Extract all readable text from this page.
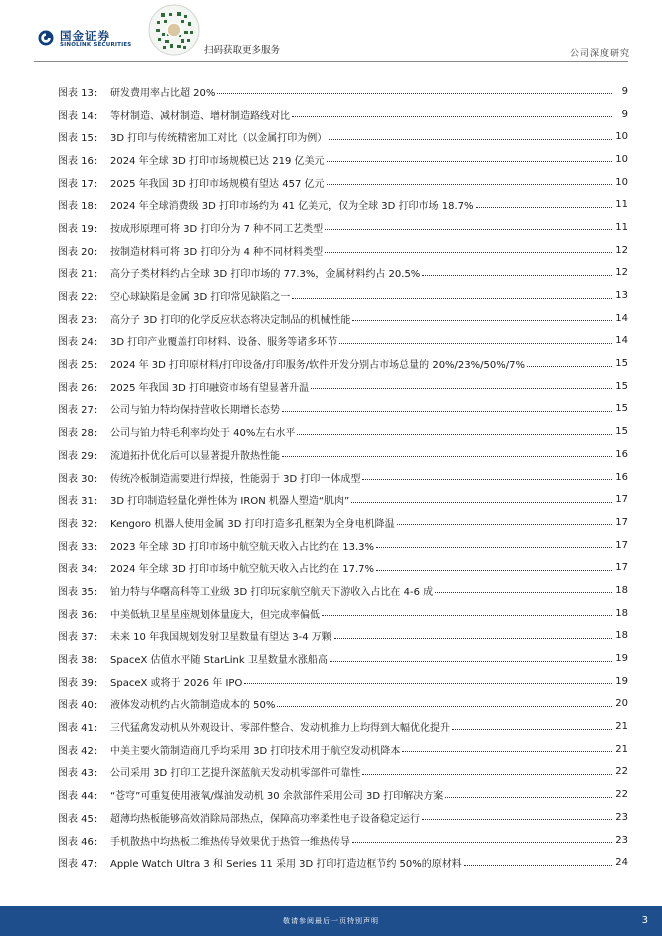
国金证券
SINOLINK SECURITIES	扫码获取更多服务	公司深度研究
图表 13:	研发费用率占比超 20%	9
图表 14:	等材制造、减材制造、增材制造路线对比	9
图表 15:	3D 打印与传统精密加工对比（以金属打印为例）	10
图表 16:	2024 年全球 3D 打印市场规模已达 219 亿美元	10
图表 17:	2025 年我国 3D 打印市场规模有望达 457 亿元	10
图表 18:	2024 年全球消费级 3D 打印市场约为 41 亿美元，仅为全球 3D 打印市场 18.7%	11
图表 19:	按成形原理可将 3D 打印分为 7 种不同工艺类型	11
图表 20:	按制造材料可将 3D 打印分为 4 种不同材料类型	12
图表 21:	高分子类材料约占全球 3D 打印市场的 77.3%，金属材料约占 20.5%	12
图表 22:	空心球缺陷是金属 3D 打印常见缺陷之一	13
图表 23:	高分子 3D 打印的化学反应状态将决定制品的机械性能	14
图表 24:	3D 打印产业覆盖打印材料、设备、服务等诸多环节	14
图表 25:	2024 年 3D 打印原材料/打印设备/打印服务/软件开发分别占市场总量的 20%/23%/50%/7%	15
图表 26:	2025 年我国 3D 打印融资市场有望显著升温	15
图表 27:	公司与铂力特均保持营收长期增长态势	15
图表 28:	公司与铂力特毛利率均处于 40%左右水平	15
图表 29:	流道拓扑优化后可以显著提升散热性能	16
图表 30:	传统冷板制造需要进行焊接，性能弱于 3D 打印一体成型	16
图表 31:	3D 打印制造轻量化弹性体为 IRON 机器人塑造“肌肉”	17
图表 32:	Kengoro 机器人使用金属 3D 打印打造多孔框架为全身电机降温	17
图表 33:	2023 年全球 3D 打印市场中航空航天收入占比约在 13.3%	17
图表 34:	2024 年全球 3D 打印市场中航空航天收入占比约在 17.7%	17
图表 35:	铂力特与华曙高科等工业级 3D 打印玩家航空航天下游收入占比在 4-6 成	18
图表 36:	中美低轨卫星星座规划体量庞大，但完成率偏低	18
图表 37:	未来 10 年我国规划发射卫星数量有望达 3-4 万颗	18
图表 38:	SpaceX 估值水平随 StarLink 卫星数量水涨船高	19
图表 39:	SpaceX 或将于 2026 年 IPO	19
图表 40:	液体发动机约占火箭制造成本的 50%	20
图表 41:	三代猛禽发动机从外观设计、零部件整合、发动机推力上均得到大幅优化提升	21
图表 42:	中美主要火箭制造商几乎均采用 3D 打印技术用于航空发动机降本	21
图表 43:	公司采用 3D 打印工艺提升深蓝航天发动机零部件可靠性	22
图表 44:	“苍穹”可重复使用液氧/煤油发动机 30 余款部件采用公司 3D 打印解决方案	22
图表 45:	超薄均热板能够高效消除局部热点，保障高功率柔性电子设备稳定运行	23
图表 46:	手机散热中均热板二维热传导效果优于热管一维热传导	23
图表 47:	Apple Watch Ultra 3 和 Series 11 采用 3D 打印打造边框节约 50%的原材料	24
敬请参阅最后一页特别声明	3
